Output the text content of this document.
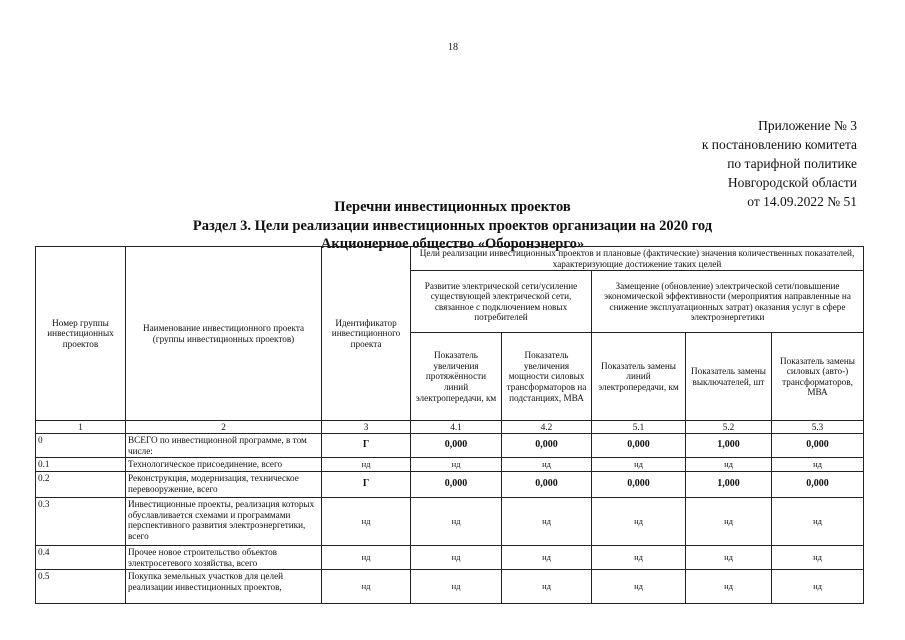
18
Приложение № 3
к постановлению комитета
по тарифной политике
Новгородской области
от 14.09.2022 № 51
Перечни инвестиционных проектов
Раздел 3. Цели реализации инвестиционных проектов организации на 2020 год
Акционерное общество «Оборонэнерго»
Номер группы инвестиционных проектов	Наименование инвестиционного проекта (группы инвестиционных проектов)	Идентификатор инвестиционного проекта	Цели реализации инвестиционных проектов и плановые (фактические) значения количественных показателей, характеризующие достижение таких целей				
			Развитие электрической сети/усиление существующей электрической сети, связанное с подключением новых потребителей		Замещение (обновление) электрической сети/повышение экономической эффективности (мероприятия направленные на снижение эксплуатационных затрат) оказания услуг в сфере электроэнергетики		
			Показатель увеличения протяжённости линий электропередачи, км	Показатель увеличения мощности силовых трансформаторов на подстанциях, МВА	Показатель замены линий электропередачи, км	Показатель замены выключателей, шт	Показатель замены силовых (авто-) трансформаторов, МВА
1	2	3	4.1	4.2	5.1	5.2	5.3
0	ВСЕГО по инвестиционной программе, в том числе:	Г	0,000	0,000	0,000	1,000	0,000
0.1	Технологическое присоединение, всего	нд	нд	нд	нд	нд	нд
0.2	Реконструкция, модернизация, техническое перевооружение, всего	Г	0,000	0,000	0,000	1,000	0,000
0.3	Инвестиционные проекты, реализация которых обуславливается схемами и программами перспективного развития электроэнергетики, всего	нд	нд	нд	нд	нд	нд
0.4	Прочее новое строительство объектов электросетевого хозяйства, всего	нд	нд	нд	нд	нд	нд
0.5	Покупка земельных участков для целей реализации инвестиционных проектов,	нд	нд	нд	нд	нд	нд
